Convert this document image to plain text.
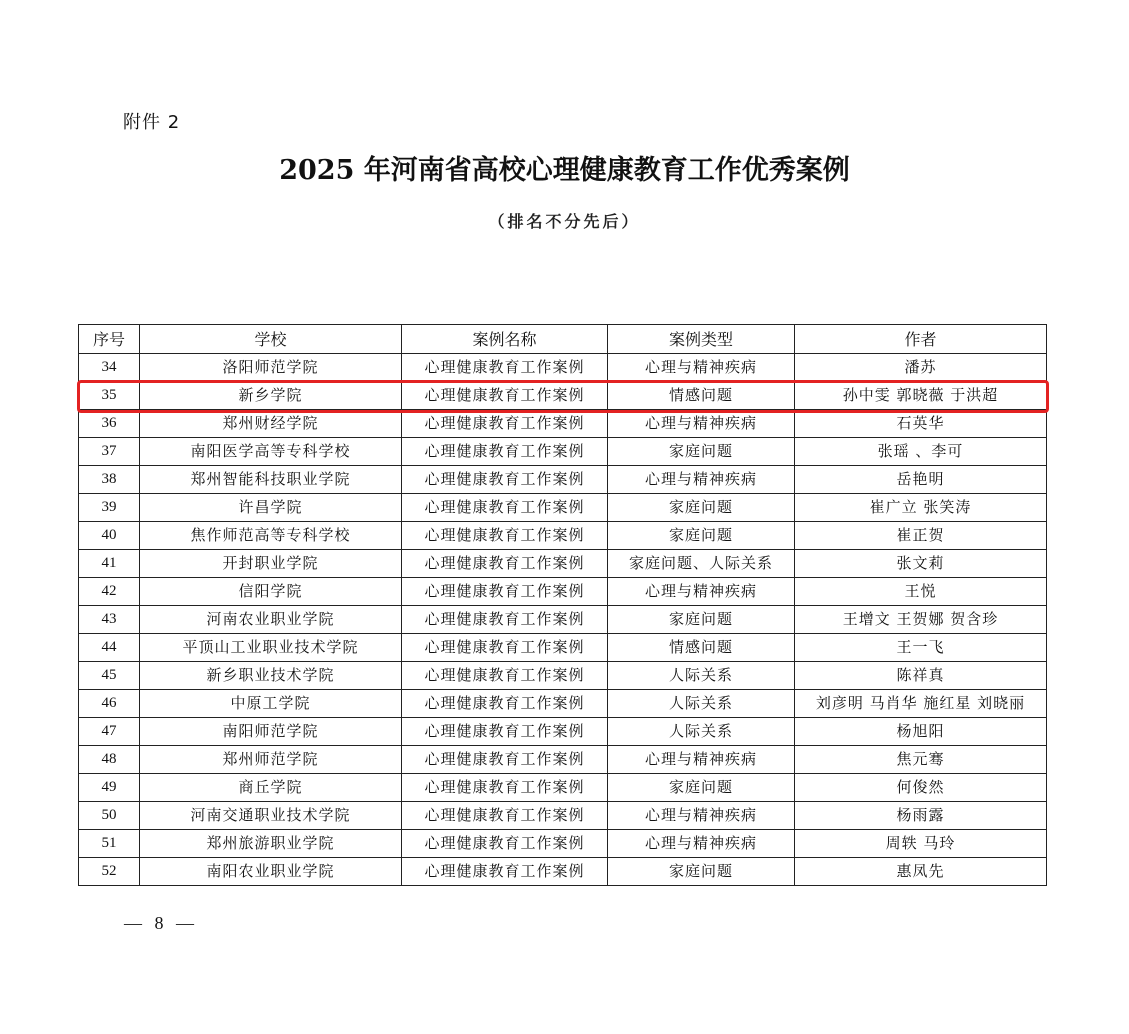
附件 2
2025 年河南省高校心理健康教育工作优秀案例
（排名不分先后）
序号	学校	案例名称	案例类型	作者
34	洛阳师范学院	心理健康教育工作案例	心理与精神疾病	潘苏
35	新乡学院	心理健康教育工作案例	情感问题	孙中雯 郭晓薇 于洪超
36	郑州财经学院	心理健康教育工作案例	心理与精神疾病	石英华
37	南阳医学高等专科学校	心理健康教育工作案例	家庭问题	张瑶 、李可
38	郑州智能科技职业学院	心理健康教育工作案例	心理与精神疾病	岳艳明
39	许昌学院	心理健康教育工作案例	家庭问题	崔广立 张笑涛
40	焦作师范高等专科学校	心理健康教育工作案例	家庭问题	崔正贺
41	开封职业学院	心理健康教育工作案例	家庭问题、人际关系	张文莉
42	信阳学院	心理健康教育工作案例	心理与精神疾病	王悦
43	河南农业职业学院	心理健康教育工作案例	家庭问题	王增文 王贺娜 贺含珍
44	平顶山工业职业技术学院	心理健康教育工作案例	情感问题	王一飞
45	新乡职业技术学院	心理健康教育工作案例	人际关系	陈祥真
46	中原工学院	心理健康教育工作案例	人际关系	刘彦明 马肖华 施红星 刘晓丽
47	南阳师范学院	心理健康教育工作案例	人际关系	杨旭阳
48	郑州师范学院	心理健康教育工作案例	心理与精神疾病	焦元骞
49	商丘学院	心理健康教育工作案例	家庭问题	何俊然
50	河南交通职业技术学院	心理健康教育工作案例	心理与精神疾病	杨雨露
51	郑州旅游职业学院	心理健康教育工作案例	心理与精神疾病	周轶 马玲
52	南阳农业职业学院	心理健康教育工作案例	家庭问题	惠凤先
— 8 —
